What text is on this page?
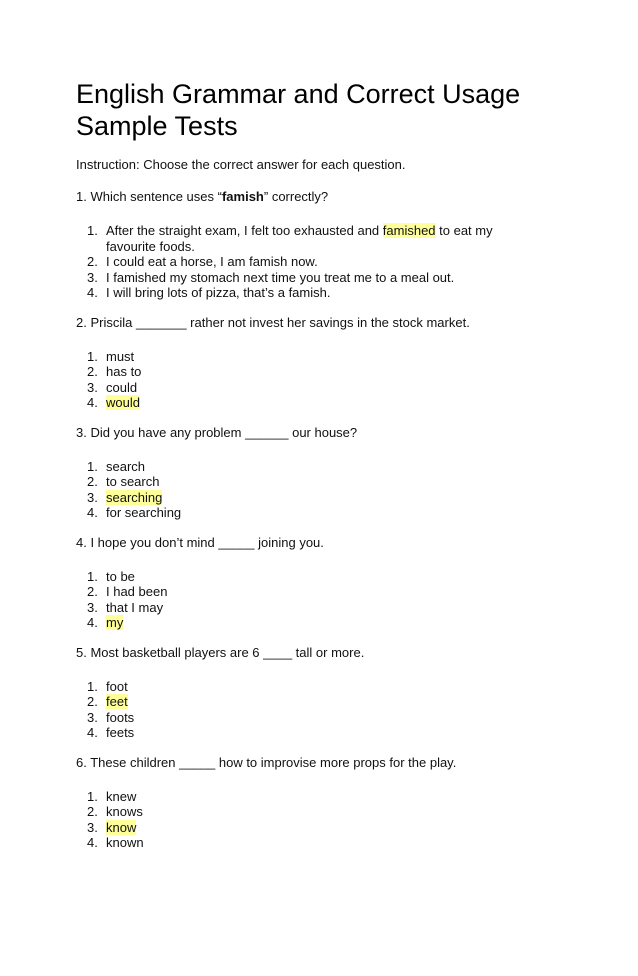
English Grammar and Correct Usage
Sample Tests
Instruction: Choose the correct answer for each question.
1. Which sentence uses “famish” correctly?
1. After the straight exam, I felt too exhausted and famished to eat my favourite foods.
2. I could eat a horse, I am famish now.
3. I famished my stomach next time you treat me to a meal out.
4. I will bring lots of pizza, that’s a famish.
2. Priscila _______ rather not invest her savings in the stock market.
1. must
2. has to
3. could
4. would
3. Did you have any problem ______ our house?
1. search
2. to search
3. searching
4. for searching
4. I hope you don’t mind _____ joining you.
1. to be
2. I had been
3. that I may
4. my
5. Most basketball players are 6 ____ tall or more.
1. foot
2. feet
3. foots
4. feets
6. These children _____ how to improvise more props for the play.
1. knew
2. knows
3. know
4. known
